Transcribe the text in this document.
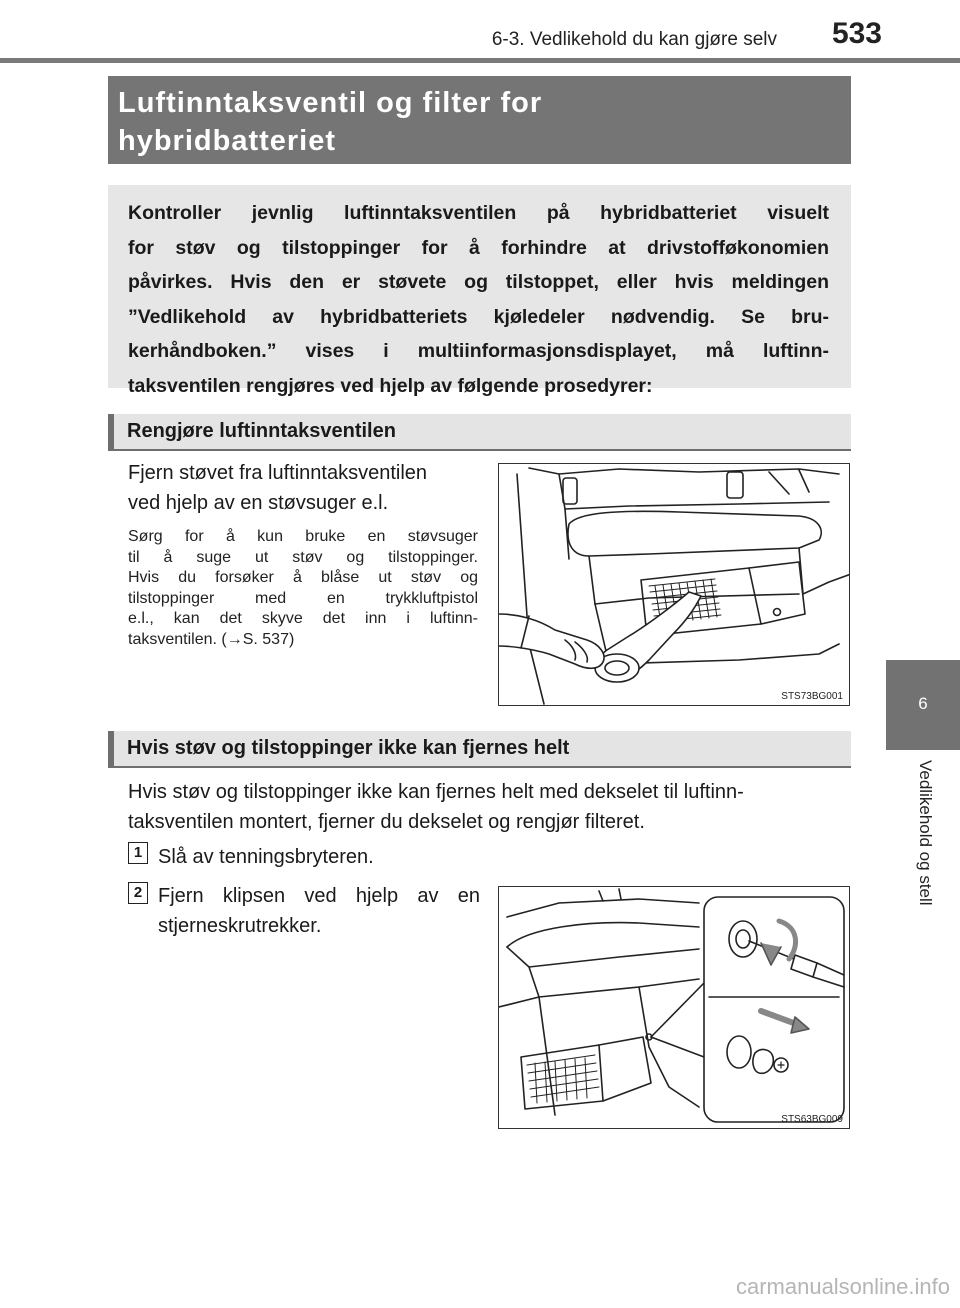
6-3. Vedlikehold du kan gjøre selv 533
6
Vedlikehold og stell
Luftinntaksventil og filter for
hybridbatteriet
Kontroller jevnlig luftinntaksventilen på hybridbatteriet visuelt
for støv og tilstoppinger for å forhindre at drivstofføkonomien
påvirkes. Hvis den er støvete og tilstoppet, eller hvis meldingen
”Vedlikehold av hybridbatteriets kjøledeler nødvendig. Se bru-
kerhåndboken.” vises i multiinformasjonsdisplayet, må luftinn-
taksventilen rengjøres ved hjelp av følgende prosedyrer:
Rengjøre luftinntaksventilen
Fjern støvet fra luftinntaksventilen
ved hjelp av en støvsuger e.l.
Sørg for å kun bruke en støvsuger
til å suge ut støv og tilstoppinger.
Hvis du forsøker å blåse ut støv og
tilstoppinger med en trykkluftpistol
e.l., kan det skyve det inn i luftinn-
taksventilen. (→S. 537)
STS73BG001
Hvis støv og tilstoppinger ikke kan fjernes helt
Hvis støv og tilstoppinger ikke kan fjernes helt med dekselet til luftinn-
taksventilen montert, fjerner du dekselet og rengjør filteret.
1 Slå av tenningsbryteren.
2 Fjern klipsen ved hjelp av en
stjerneskrutrekker.
STS63BG009
carmanualsonline.info
